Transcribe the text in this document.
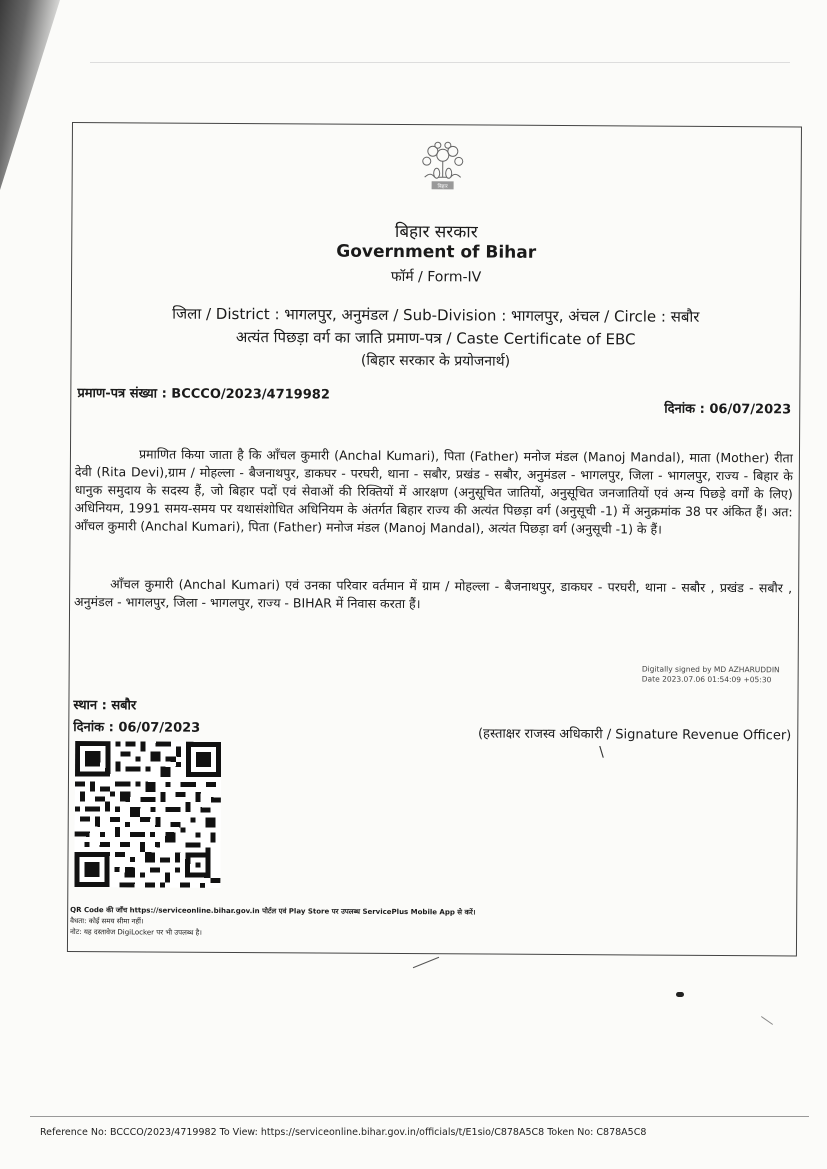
बिहार
बिहार सरकार
Government of Bihar
फॉर्म / Form-IV
जिला / District : भागलपुर, अनुमंडल / Sub-Division : भागलपुर, अंचल / Circle : सबौर
अत्यंत पिछड़ा वर्ग का जाति प्रमाण-पत्र / Caste Certificate of EBC
(बिहार सरकार के प्रयोजनार्थ)
प्रमाण-पत्र संख्या : BCCCO/2023/4719982
दिनांक : 06/07/2023
प्रमाणित किया जाता है कि आँचल कुमारी (Anchal Kumari), पिता (Father) मनोज मंडल (Manoj Mandal), माता (Mother) रीता देवी (Rita Devi),ग्राम / मोहल्ला - बैजनाथपुर, डाकघर - परघरी, थाना - सबौर, प्रखंड - सबौर, अनुमंडल - भागलपुर, जिला - भागलपुर, राज्य - बिहार के धानुक समुदाय के सदस्य हैं, जो बिहार पदों एवं सेवाओं की रिक्तियों में आरक्षण (अनुसूचित जातियों, अनुसूचित जनजातियों एवं अन्य पिछड़े वर्गों के लिए) अधिनियम, 1991 समय-समय पर यथासंशोधित अधिनियम के अंतर्गत बिहार राज्य की अत्यंत पिछड़ा वर्ग (अनुसूची -1) में अनुक्रमांक 38 पर अंकित हैं। अत: आँचल कुमारी (Anchal Kumari), पिता (Father) मनोज मंडल (Manoj Mandal), अत्यंत पिछड़ा वर्ग (अनुसूची -1) के हैं।
आँचल कुमारी (Anchal Kumari) एवं उनका परिवार वर्तमान में ग्राम / मोहल्ला - बैजनाथपुर, डाकघर - परघरी, थाना - सबौर , प्रखंड - सबौर , अनुमंडल - भागलपुर, जिला - भागलपुर, राज्य - BIHAR में निवास करता हैं।
\
Digitally signed by MD AZHARUDDIN
Date 2023.07.06 01:54:09 +05:30
स्थान : सबौर
दिनांक : 06/07/2023	(हस्ताक्षर राजस्व अधिकारी / Signature Revenue Officer)
QR Code की जाँच https://serviceonline.bihar.gov.in पोर्टल एवं Play Store पर उपलब्ध ServicePlus Mobile App से करें।
वैधता: कोई समय सीमा नहीं।
नोट: यह दस्तावेज DigiLocker पर भी उपलब्ध है।
Reference No: BCCCO/2023/4719982 To View: https://serviceonline.bihar.gov.in/officials/t/E1sio/C878A5C8 Token No: C878A5C8
